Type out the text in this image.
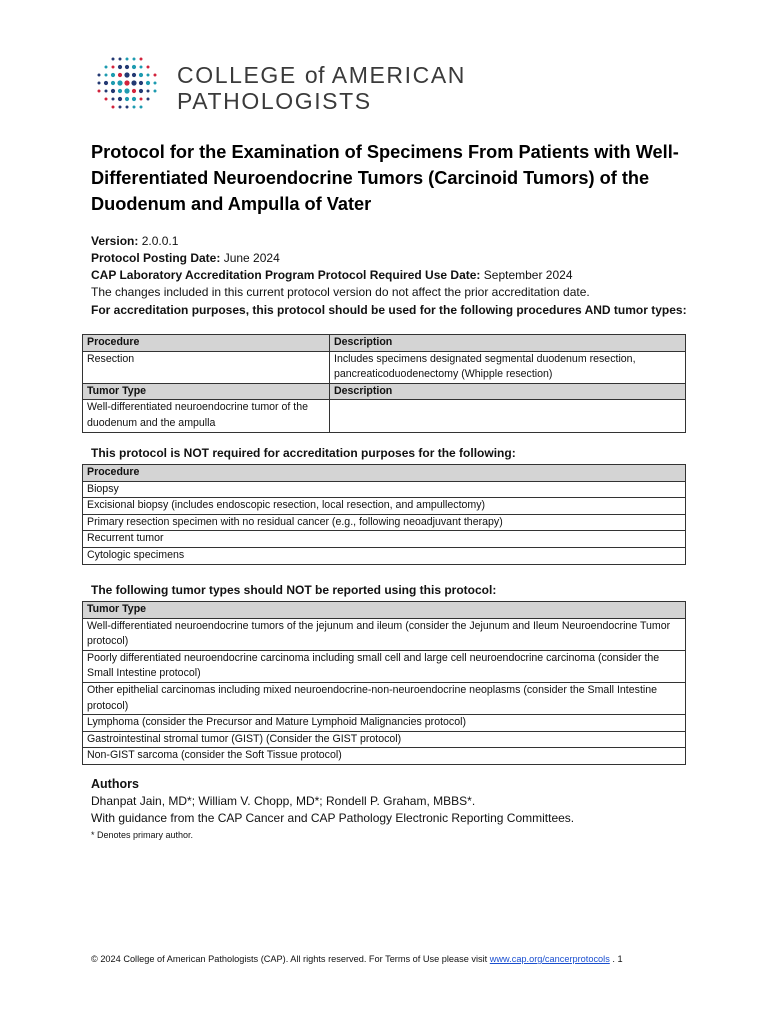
COLLEGE of AMERICAN
PATHOLOGISTS
Protocol for the Examination of Specimens From Patients with Well-Differentiated Neuroendocrine Tumors (Carcinoid Tumors) of the Duodenum and Ampulla of Vater
Version: 2.0.0.1
Protocol Posting Date: June 2024
CAP Laboratory Accreditation Program Protocol Required Use Date: September 2024
The changes included in this current protocol version do not affect the prior accreditation date.
For accreditation purposes, this protocol should be used for the following procedures AND tumor types:
Procedure	Description
Resection	Includes specimens designated segmental duodenum resection, pancreaticoduodenectomy (Whipple resection)
Tumor Type	Description
Well-differentiated neuroendocrine tumor of the duodenum and the ampulla	
This protocol is NOT required for accreditation purposes for the following:
Procedure
Biopsy
Excisional biopsy (includes endoscopic resection, local resection, and ampullectomy)
Primary resection specimen with no residual cancer (e.g., following neoadjuvant therapy)
Recurrent tumor
Cytologic specimens
The following tumor types should NOT be reported using this protocol:
Tumor Type
Well-differentiated neuroendocrine tumors of the jejunum and ileum (consider the Jejunum and Ileum Neuroendocrine Tumor protocol)
Poorly differentiated neuroendocrine carcinoma including small cell and large cell neuroendocrine carcinoma (consider the Small Intestine protocol)
Other epithelial carcinomas including mixed neuroendocrine-non-neuroendocrine neoplasms (consider the Small Intestine protocol)
Lymphoma (consider the Precursor and Mature Lymphoid Malignancies protocol)
Gastrointestinal stromal tumor (GIST) (Consider the GIST protocol)
Non-GIST sarcoma (consider the Soft Tissue protocol)
Authors
Dhanpat Jain, MD*; William V. Chopp, MD*; Rondell P. Graham, MBBS*.
With guidance from the CAP Cancer and CAP Pathology Electronic Reporting Committees.
* Denotes primary author.
© 2024 College of American Pathologists (CAP). All rights reserved. For Terms of Use please visit www.cap.org/cancerprotocols . 1
